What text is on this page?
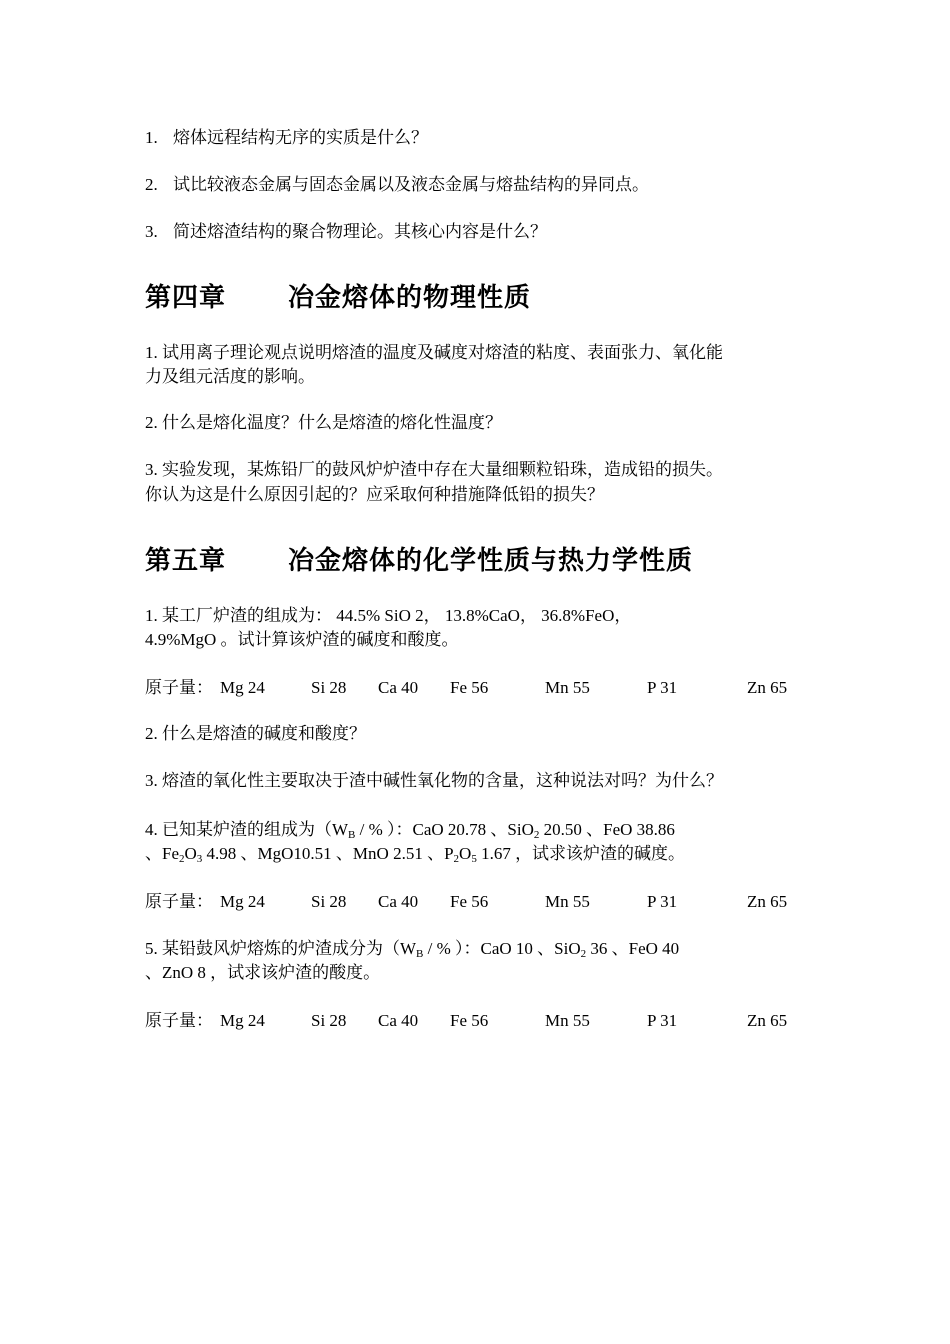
1. 熔体远程结构无序的实质是什么？
2. 试比较液态金属与固态金属以及液态金属与熔盐结构的异同点。
3. 简述熔渣结构的聚合物理论。其核心内容是什么？
第四章 冶金熔体的物理性质
1. 试用离子理论观点说明熔渣的温度及碱度对熔渣的粘度、表面张力、氧化能
力及组元活度的影响。
2. 什么是熔化温度？什么是熔渣的熔化性温度？
3. 实验发现，某炼铅厂的鼓风炉炉渣中存在大量细颗粒铅珠，造成铅的损失。
你认为这是什么原因引起的？应采取何种措施降低铅的损失？
第五章 冶金熔体的化学性质与热力学性质
1. 某工厂炉渣的组成为： 44.5% SiO 2， 13.8%CaO， 36.8%FeO，
4.9%MgO 。试计算该炉渣的碱度和酸度。
原子量： Mg 24	Si 28 Ca 40 Fe 56	Mn 55	P 31	Zn 65
2. 什么是熔渣的碱度和酸度？
3. 熔渣的氧化性主要取决于渣中碱性氧化物的含量，这种说法对吗？为什么？
4. 已知某炉渣的组成为（$W_B$ / % ）：CaO 20.78 、SiO$_2$ 20.50 、FeO 38.86
、$Fe_2O_3$ 4.98 、MgO10.51 、MnO 2.51 、$P_2O_5$ 1.67 ，试求该炉渣的碱度。
原子量： Mg 24	Si 28 Ca 40 Fe 56	Mn 55	P 31	Zn 65
5. 某铅鼓风炉熔炼的炉渣成分为（$W_B$ / % ）：CaO 10 、SiO$_2$ 36 、FeO 40
、ZnO 8 ，试求该炉渣的酸度。
原子量： Mg 24	Si 28 Ca 40 Fe 56	Mn 55	P 31	Zn 65
